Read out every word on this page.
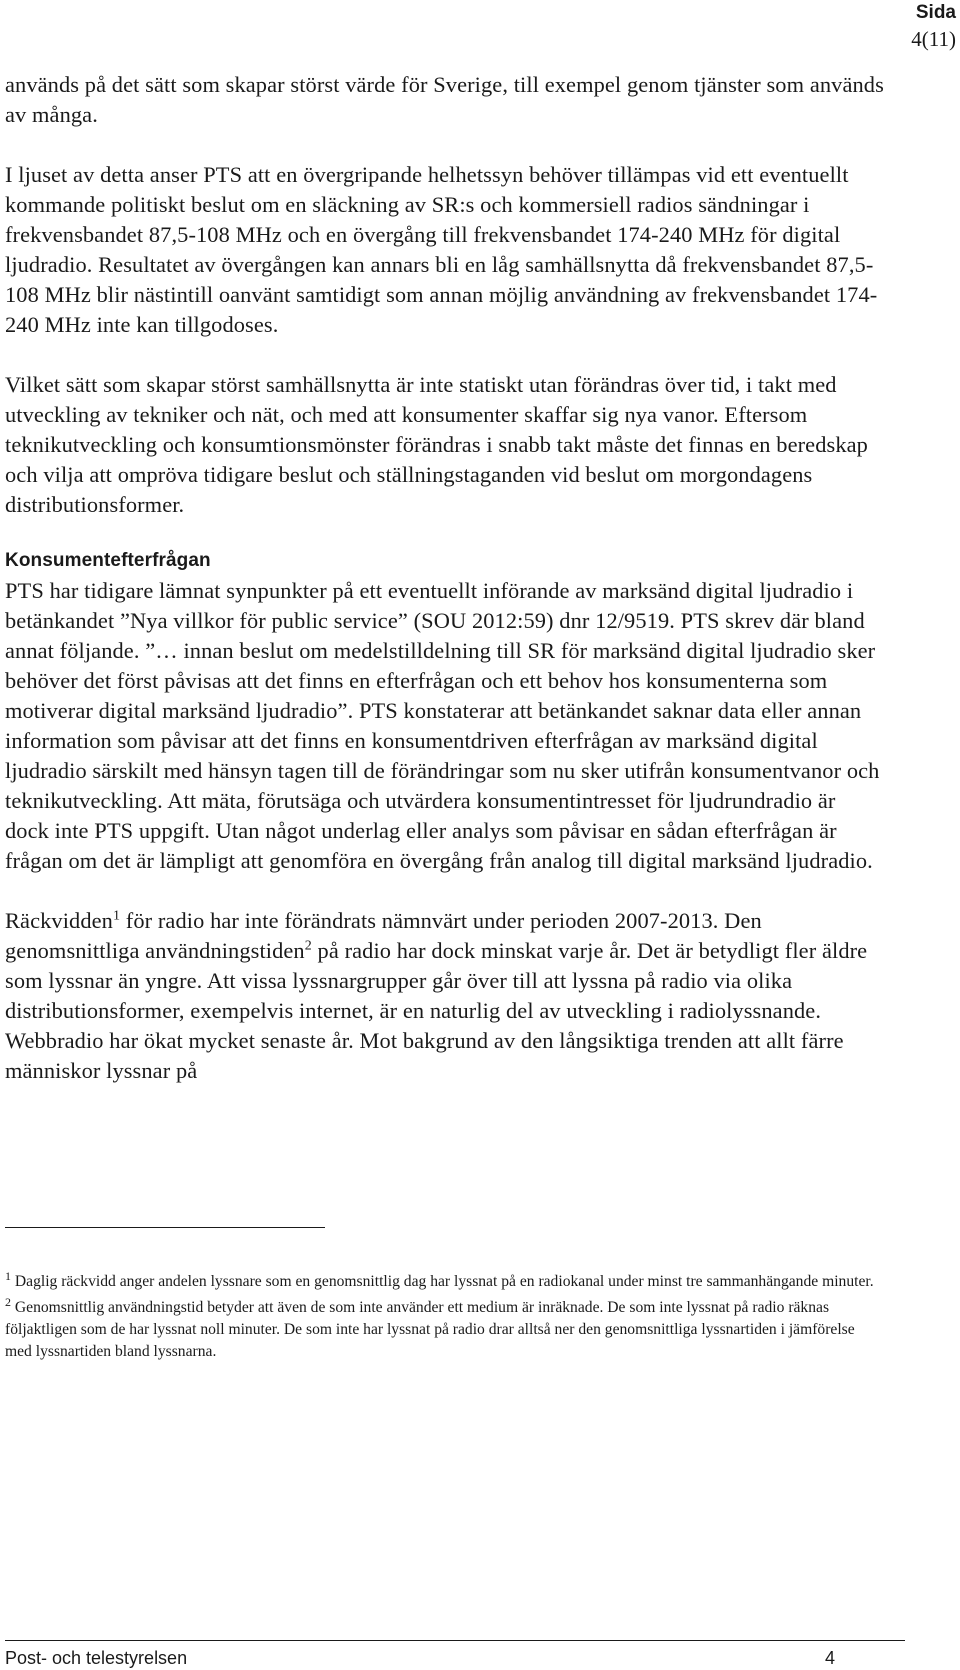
Sida
4(11)

används på det sätt som skapar störst värde för Sverige, till exempel genom tjänster som används av många.

I ljuset av detta anser PTS att en övergripande helhetssyn behöver tillämpas vid ett eventuellt kommande politiskt beslut om en släckning av SR:s och kommersiell radios sändningar i frekvensbandet 87,5-108 MHz och en övergång till frekvensbandet 174-240 MHz för digital ljudradio. Resultatet av övergången kan annars bli en låg samhällsnytta då frekvensbandet 87,5-108 MHz blir nästintill oanvänt samtidigt som annan möjlig användning av frekvensbandet 174-240 MHz inte kan tillgodoses.

Vilket sätt som skapar störst samhällsnytta är inte statiskt utan förändras över tid, i takt med utveckling av tekniker och nät, och med att konsumenter skaffar sig nya vanor. Eftersom teknikutveckling och konsumtionsmönster förändras i snabb takt måste det finnas en beredskap och vilja att ompröva tidigare beslut och ställningstaganden vid beslut om morgondagens distributionsformer.

Konsumentefterfrågan

PTS har tidigare lämnat synpunkter på ett eventuellt införande av marksänd digital ljudradio i betänkandet ”Nya villkor för public service” (SOU 2012:59) dnr 12/9519. PTS skrev där bland annat följande. ”… innan beslut om medelstilldelning till SR för marksänd digital ljudradio sker behöver det först påvisas att det finns en efterfrågan och ett behov hos konsumenterna som motiverar digital marksänd ljudradio”. PTS konstaterar att betänkandet saknar data eller annan information som påvisar att det finns en konsumentdriven efterfrågan av marksänd digital ljudradio särskilt med hänsyn tagen till de förändringar som nu sker utifrån konsumentvanor och teknikutveckling. Att mäta, förutsäga och utvärdera konsumentintresset för ljudrundradio är dock inte PTS uppgift. Utan något underlag eller analys som påvisar en sådan efterfrågan är frågan om det är lämpligt att genomföra en övergång från analog till digital marksänd ljudradio.

Räckvidden$^1$ för radio har inte förändrats nämnvärt under perioden 2007-2013. Den genomsnittliga användningstiden$^2$ på radio har dock minskat varje år. Det är betydligt fler äldre som lyssnar än yngre. Att vissa lyssnargrupper går över till att lyssna på radio via olika distributionsformer, exempelvis internet, är en naturlig del av utveckling i radiolyssnande. Webbradio har ökat mycket senaste år. Mot bakgrund av den långsiktiga trenden att allt färre människor lyssnar på

$^1$ Daglig räckvidd anger andelen lyssnare som en genomsnittlig dag har lyssnat på en radiokanal under minst tre sammanhängande minuter.

$^2$ Genomsnittlig användningstid betyder att även de som inte använder ett medium är inräknade. De som inte lyssnat på radio räknas följaktligen som de har lyssnat noll minuter. De som inte har lyssnat på radio drar alltså ner den genomsnittliga lyssnartiden i jämförelse med lyssnartiden bland lyssnarna.

Post- och telestyrelsen	4
